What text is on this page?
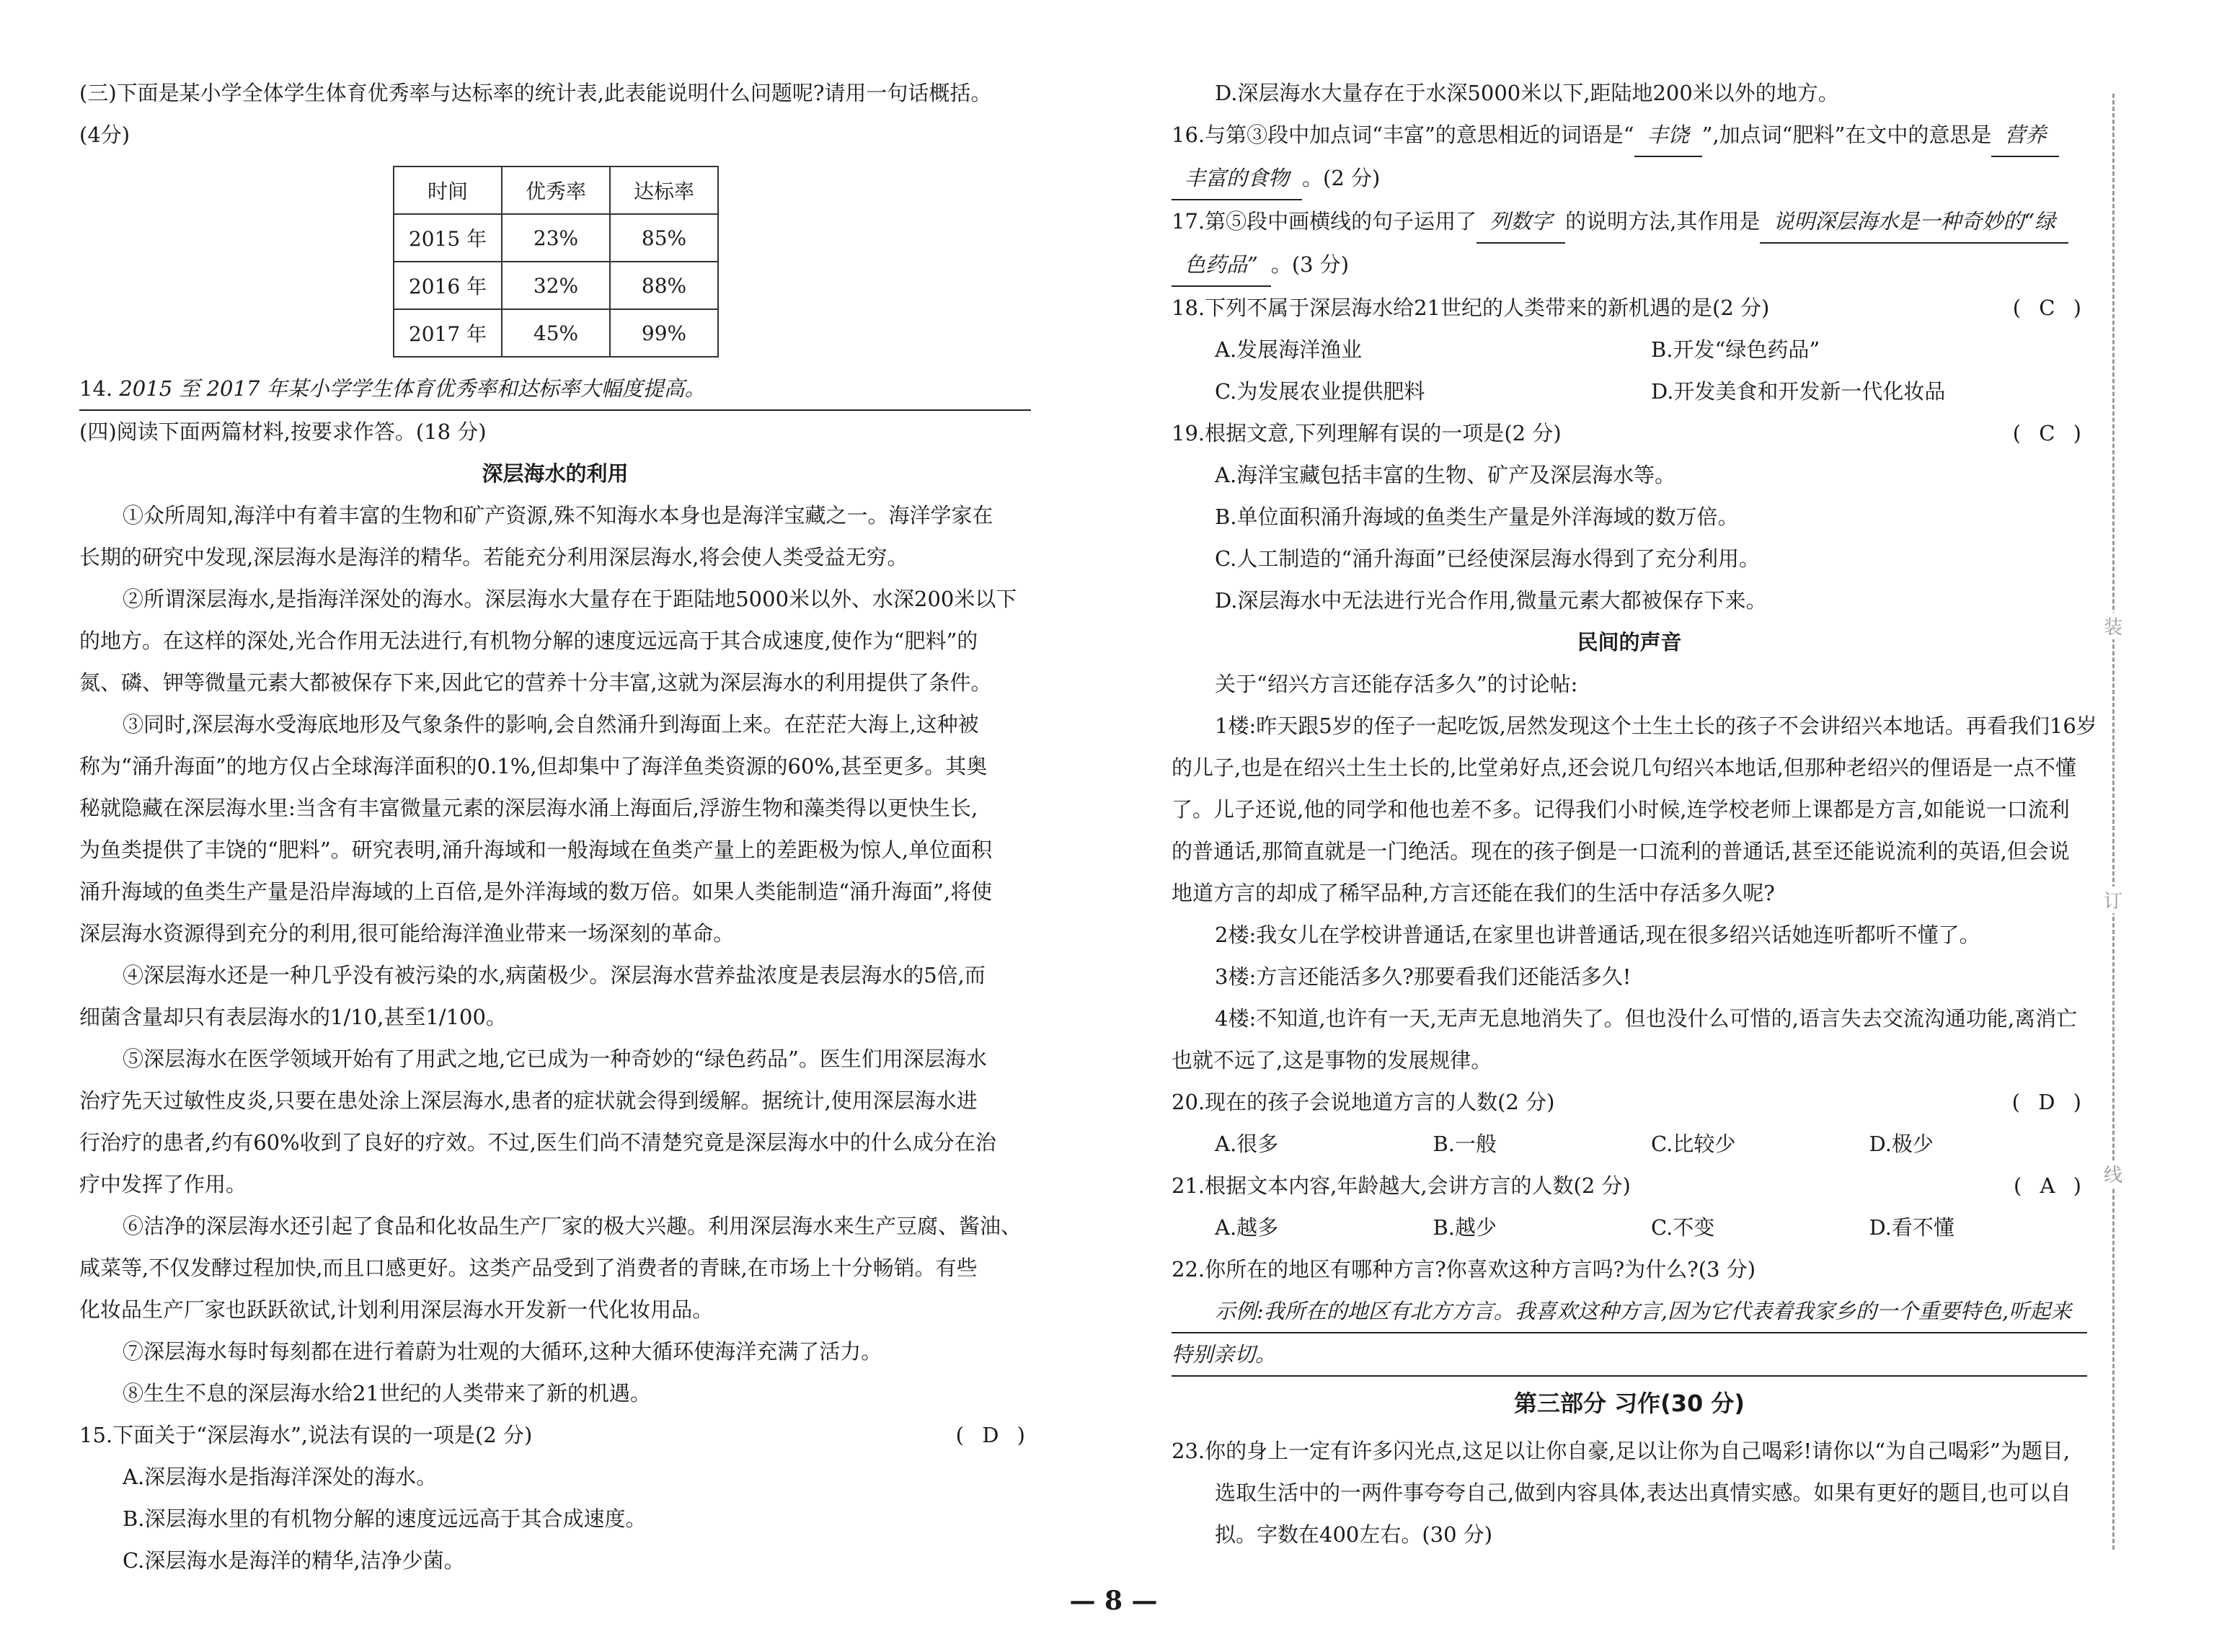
(三)下面是某小学全体学生体育优秀率与达标率的统计表,此表能说明什么问题呢?请用一句话概括。
(4分)
时间	优秀率	达标率
2015 年	23%	85%
2016 年	32%	88%
2017 年	45%	99%
14. 2015 至 2017 年某小学学生体育优秀率和达标率大幅度提高。
(四)阅读下面两篇材料,按要求作答。(18 分)
深层海水的利用
①众所周知,海洋中有着丰富的生物和矿产资源,殊不知海水本身也是海洋宝藏之一。海洋学家在
长期的研究中发现,深层海水是海洋的精华。若能充分利用深层海水,将会使人类受益无穷。
②所谓深层海水,是指海洋深处的海水。深层海水大量存在于距陆地5000米以外、水深200米以下
的地方。在这样的深处,光合作用无法进行,有机物分解的速度远远高于其合成速度,使作为“肥料”的
氮、磷、钾等微量元素大都被保存下来,因此它的营养十分丰富,这就为深层海水的利用提供了条件。
③同时,深层海水受海底地形及气象条件的影响,会自然涌升到海面上来。在茫茫大海上,这种被
称为“涌升海面”的地方仅占全球海洋面积的0.1%,但却集中了海洋鱼类资源的60%,甚至更多。其奥
秘就隐藏在深层海水里:当含有丰富微量元素的深层海水涌上海面后,浮游生物和藻类得以更快生长,
为鱼类提供了丰饶的“肥料”。研究表明,涌升海域和一般海域在鱼类产量上的差距极为惊人,单位面积
涌升海域的鱼类生产量是沿岸海域的上百倍,是外洋海域的数万倍。如果人类能制造“涌升海面”,将使
深层海水资源得到充分的利用,很可能给海洋渔业带来一场深刻的革命。
④深层海水还是一种几乎没有被污染的水,病菌极少。深层海水营养盐浓度是表层海水的5倍,而
细菌含量却只有表层海水的1/10,甚至1/100。
⑤深层海水在医学领域开始有了用武之地,它已成为一种奇妙的“绿色药品”。医生们用深层海水
治疗先天过敏性皮炎,只要在患处涂上深层海水,患者的症状就会得到缓解。据统计,使用深层海水进
行治疗的患者,约有60%收到了良好的疗效。不过,医生们尚不清楚究竟是深层海水中的什么成分在治
疗中发挥了作用。
⑥洁净的深层海水还引起了食品和化妆品生产厂家的极大兴趣。利用深层海水来生产豆腐、酱油、
咸菜等,不仅发酵过程加快,而且口感更好。这类产品受到了消费者的青睐,在市场上十分畅销。有些
化妆品生产厂家也跃跃欲试,计划利用深层海水开发新一代化妆用品。
⑦深层海水每时每刻都在进行着蔚为壮观的大循环,这种大循环使海洋充满了活力。
⑧生生不息的深层海水给21世纪的人类带来了新的机遇。
15.下面关于“深层海水”,说法有误的一项是(2 分)	( D )
A.深层海水是指海洋深处的海水。
B.深层海水里的有机物分解的速度远远高于其合成速度。
C.深层海水是海洋的精华,洁净少菌。
D.深层海水大量存在于水深5000米以下,距陆地200米以外的地方。
16.与第③段中加点词“丰富”的意思相近的词语是“ 丰饶 ”,加点词“肥料”在文中的意思是 营养
丰富的食物 。(2 分)
17.第⑤段中画横线的句子运用了 列数字 的说明方法,其作用是 说明深层海水是一种奇妙的“绿
色药品” 。(3 分)
18.下列不属于深层海水给21世纪的人类带来的新机遇的是(2 分)	( C )
A.发展海洋渔业	B.开发“绿色药品”
C.为发展农业提供肥料	D.开发美食和开发新一代化妆品
19.根据文意,下列理解有误的一项是(2 分)	( C )
A.海洋宝藏包括丰富的生物、矿产及深层海水等。
B.单位面积涌升海域的鱼类生产量是外洋海域的数万倍。
C.人工制造的“涌升海面”已经使深层海水得到了充分利用。
D.深层海水中无法进行光合作用,微量元素大都被保存下来。
民间的声音
关于“绍兴方言还能存活多久”的讨论帖:
1楼:昨天跟5岁的侄子一起吃饭,居然发现这个土生土长的孩子不会讲绍兴本地话。再看我们16岁
的儿子,也是在绍兴土生土长的,比堂弟好点,还会说几句绍兴本地话,但那种老绍兴的俚语是一点不懂
了。儿子还说,他的同学和他也差不多。记得我们小时候,连学校老师上课都是方言,如能说一口流利
的普通话,那简直就是一门绝活。现在的孩子倒是一口流利的普通话,甚至还能说流利的英语,但会说
地道方言的却成了稀罕品种,方言还能在我们的生活中存活多久呢?
2楼:我女儿在学校讲普通话,在家里也讲普通话,现在很多绍兴话她连听都听不懂了。
3楼:方言还能活多久?那要看我们还能活多久!
4楼:不知道,也许有一天,无声无息地消失了。但也没什么可惜的,语言失去交流沟通功能,离消亡
也就不远了,这是事物的发展规律。
20.现在的孩子会说地道方言的人数(2 分)	( D )
A.很多	B.一般	C.比较少	D.极少
21.根据文本内容,年龄越大,会讲方言的人数(2 分)	( A )
A.越多	B.越少	C.不变	D.看不懂
22.你所在的地区有哪种方言?你喜欢这种方言吗?为什么?(3 分)
示例:我所在的地区有北方方言。我喜欢这种方言,因为它代表着我家乡的一个重要特色,听起来
特别亲切。
第三部分 习作(30 分)
23.你的身上一定有许多闪光点,这足以让你自豪,足以让你为自己喝彩!请你以“为自己喝彩”为题目,
选取生活中的一两件事夸夸自己,做到内容具体,表达出真情实感。如果有更好的题目,也可以自
拟。字数在400左右。(30 分)
装
订
线
— 8 —
